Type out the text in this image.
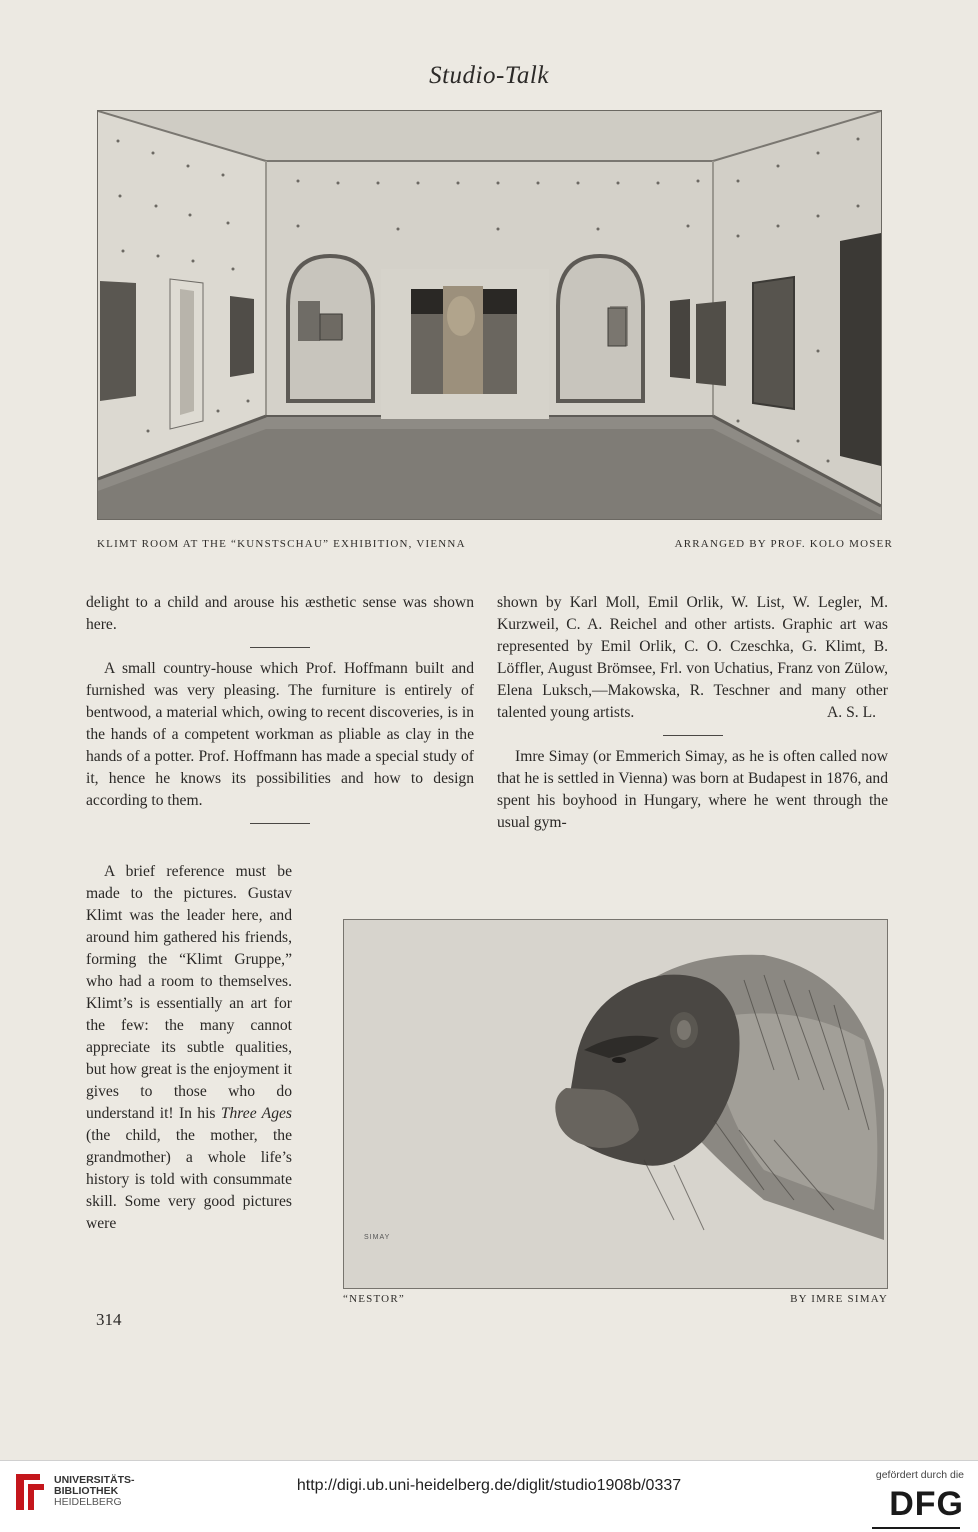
Studio-Talk
KLIMT ROOM AT THE “KUNSTSCHAU” EXHIBITION, VIENNA	ARRANGED BY PROF. KOLO MOSER

delight to a child and arouse his æsthetic sense was shown here.

A small country-house which Prof. Hoffmann built and furnished was very pleasing. The furniture is entirely of bentwood, a material which, owing to recent discoveries, is in the hands of a competent workman as pliable as clay in the hands of a potter. Prof. Hoffmann has made a special study of it, hence he knows its possibilities and how to design according to them.

A brief reference must be made to the pictures. Gustav Klimt was the leader here, and around him gathered his friends, forming the “Klimt Gruppe,” who had a room to themselves. Klimt’s is essentially an art for the few: the many cannot appreciate its subtle qualities, but how great is the enjoyment it gives to those who do understand it! In his Three Ages (the child, the mother, the grandmother) a whole life’s history is told with consummate skill. Some very good pictures were

shown by Karl Moll, Emil Orlik, W. List, W. Legler, M. Kurzweil, C. A. Reichel and other artists. Graphic art was represented by Emil Orlik, C. O. Czeschka, G. Klimt, B. Löffler, August Brömsee, Frl. von Uchatius, Franz von Zülow, Elena Luksch,—Makowska, R. Teschner and many other talented young artists.	A. S. L.

Imre Simay (or Emmerich Simay, as he is often called now that he is settled in Vienna) was born at Budapest in 1876, and spent his boyhood in Hungary, where he went through the usual gym-

SIMAY
“NESTOR”	BY IMRE SIMAY
314
UNIVERSITÄTS-
BIBLIOTHEK
HEIDELBERG
http://digi.ub.uni-heidelberg.de/diglit/studio1908b/0337
gefördert durch die
DFG
